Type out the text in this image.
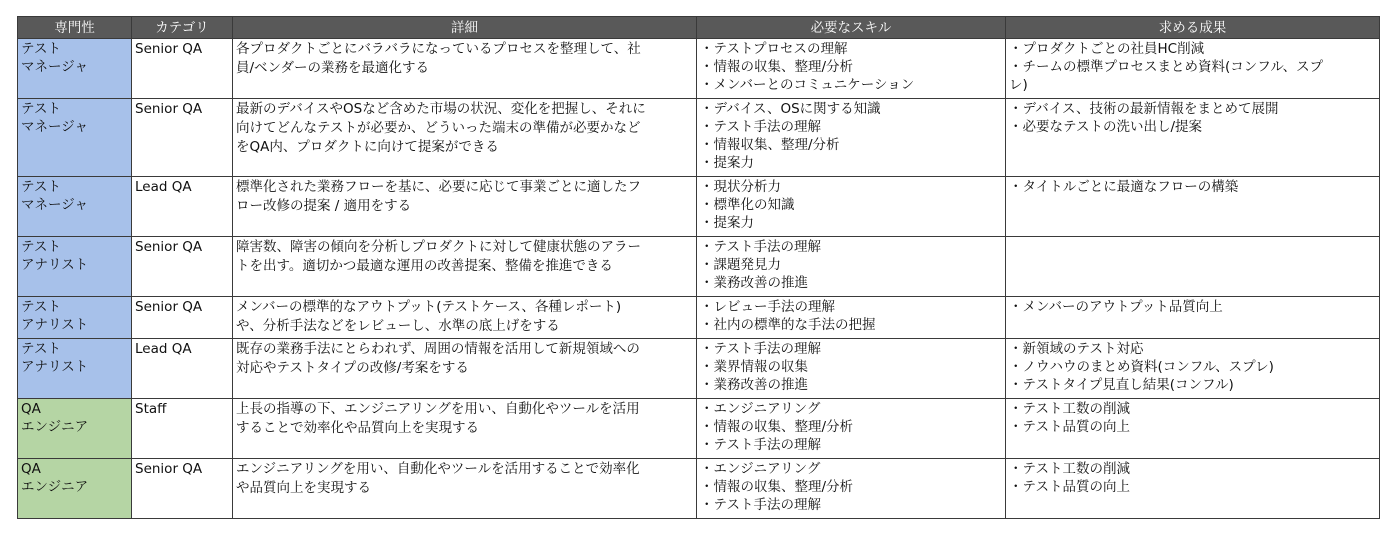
専門性	カテゴリ	詳細	必要なスキル	求める成果

テスト
マネージャ	Senior QA	各プロダクトごとにバラバラになっているプロセスを整理して、社
員/ベンダーの業務を最適化する	・テストプロセスの理解
・情報の収集、整理/分析
・メンバーとのコミュニケーション	・プロダクトごとの社員HC削減
・チームの標準プロセスまとめ資料(コンフル、スプ
レ)

テスト
マネージャ	Senior QA	最新のデバイスやOSなど含めた市場の状況、変化を把握し、それに
向けてどんなテストが必要か、どういった端末の準備が必要かなど
をQA内、プロダクトに向けて提案ができる	・デバイス、OSに関する知識
・テスト手法の理解
・情報収集、整理/分析
・提案力	・デバイス、技術の最新情報をまとめて展開
・必要なテストの洗い出し/提案

テスト
マネージャ	Lead QA	標準化された業務フローを基に、必要に応じて事業ごとに適したフ
ロー改修の提案 / 適用をする	・現状分析力
・標準化の知識
・提案力	・タイトルごとに最適なフローの構築

テスト
アナリスト	Senior QA	障害数、障害の傾向を分析しプロダクトに対して健康状態のアラー
トを出す。適切かつ最適な運用の改善提案、整備を推進できる	・テスト手法の理解
・課題発見力
・業務改善の推進	

テスト
アナリスト	Senior QA	メンバーの標準的なアウトプット(テストケース、各種レポート)
や、分析手法などをレビューし、水準の底上げをする	・レビュー手法の理解
・社内の標準的な手法の把握	・メンバーのアウトプット品質向上

テスト
アナリスト	Lead QA	既存の業務手法にとらわれず、周囲の情報を活用して新規領域への
対応やテストタイプの改修/考案をする	・テスト手法の理解
・業界情報の収集
・業務改善の推進	・新領域のテスト対応
・ノウハウのまとめ資料(コンフル、スプレ)
・テストタイプ見直し結果(コンフル)

QA
エンジニア	Staff	上長の指導の下、エンジニアリングを用い、自動化やツールを活用
することで効率化や品質向上を実現する	・エンジニアリング
・情報の収集、整理/分析
・テスト手法の理解	・テスト工数の削減
・テスト品質の向上

QA
エンジニア	Senior QA	エンジニアリングを用い、自動化やツールを活用することで効率化
や品質向上を実現する	・エンジニアリング
・情報の収集、整理/分析
・テスト手法の理解	・テスト工数の削減
・テスト品質の向上
